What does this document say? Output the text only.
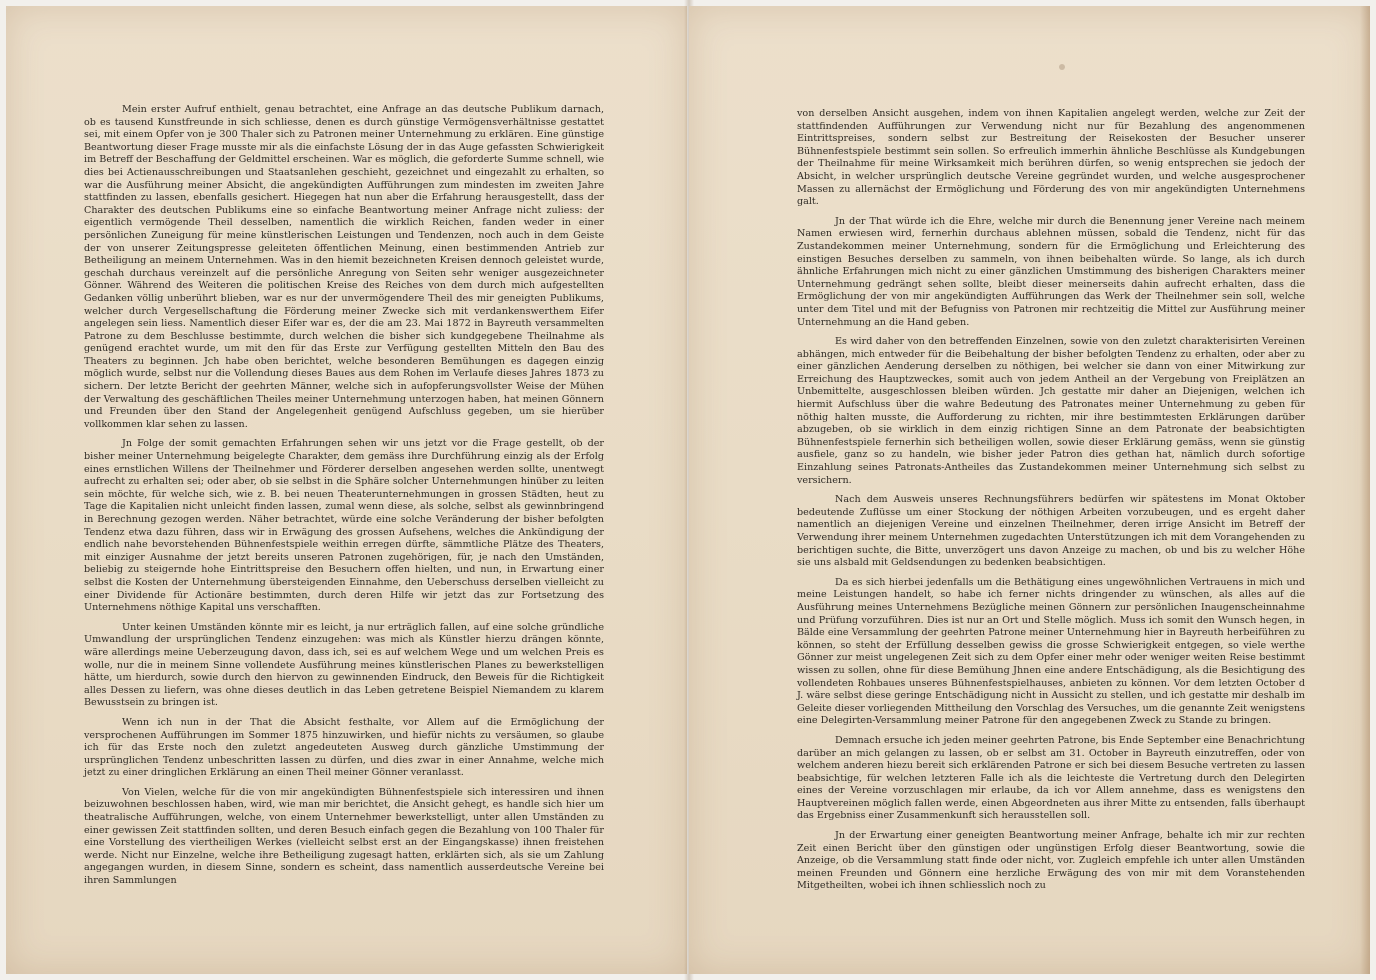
Mein erster Aufruf enthielt, genau betrachtet, eine Anfrage an das deutsche Publikum darnach, ob es tausend Kunstfreunde in sich schliesse, denen es durch günstige Vermögensverhältnisse gestattet sei, mit einem Opfer von je 300 Thaler sich zu Patronen meiner Unternehmung zu erklären. Eine günstige Beantwortung dieser Frage musste mir als die einfachste Lösung der in das Auge gefassten Schwierigkeit im Betreff der Beschaffung der Geldmittel erscheinen. War es möglich, die geforderte Summe schnell, wie dies bei Actienausschreibungen und Staatsanlehen geschieht, gezeichnet und eingezahlt zu erhalten, so war die Ausführung meiner Absicht, die angekündigten Aufführungen zum mindesten im zweiten Jahre stattfinden zu lassen, ebenfalls gesichert. Hiegegen hat nun aber die Erfahrung herausgestellt, dass der Charakter des deutschen Publikums eine so einfache Beantwortung meiner Anfrage nicht zuliess: der eigentlich vermögende Theil desselben, namentlich die wirklich Reichen, fanden weder in einer persönlichen Zuneigung für meine künstlerischen Leistungen und Tendenzen, noch auch in dem Geiste der von unserer Zeitungspresse geleiteten öffentlichen Meinung, einen bestimmenden Antrieb zur Betheiligung an meinem Unternehmen. Was in den hiemit bezeichneten Kreisen dennoch geleistet wurde, geschah durchaus vereinzelt auf die persönliche Anregung von Seiten sehr weniger ausgezeichneter Gönner. Während des Weiteren die politischen Kreise des Reiches von dem durch mich aufgestellten Gedanken völlig unberührt blieben, war es nur der unvermögendere Theil des mir geneigten Publikums, welcher durch Vergesellschaftung die Förderung meiner Zwecke sich mit verdankenswerthem Eifer angelegen sein liess. Namentlich dieser Eifer war es, der die am 23. Mai 1872 in Bayreuth versammelten Patrone zu dem Beschlusse bestimmte, durch welchen die bisher sich kundgegebene Theilnahme als genügend erachtet wurde, um mit den für das Erste zur Verfügung gestellten Mitteln den Bau des Theaters zu beginnen. Jch habe oben berichtet, welche besonderen Bemühungen es dagegen einzig möglich wurde, selbst nur die Vollendung dieses Baues aus dem Rohen im Verlaufe dieses Jahres 1873 zu sichern. Der letzte Bericht der geehrten Männer, welche sich in aufopferungsvollster Weise der Mühen der Verwaltung des geschäftlichen Theiles meiner Unternehmung unterzogen haben, hat meinen Gönnern und Freunden über den Stand der Angelegenheit genügend Aufschluss gegeben, um sie hierüber vollkommen klar sehen zu lassen.

Jn Folge der somit gemachten Erfahrungen sehen wir uns jetzt vor die Frage gestellt, ob der bisher meiner Unternehmung beigelegte Charakter, dem gemäss ihre Durchführung einzig als der Erfolg eines ernstlichen Willens der Theilnehmer und Förderer derselben angesehen werden sollte, unentwegt aufrecht zu erhalten sei; oder aber, ob sie selbst in die Sphäre solcher Unternehmungen hinüber zu leiten sein möchte, für welche sich, wie z. B. bei neuen Theaterunternehmungen in grossen Städten, heut zu Tage die Kapitalien nicht unleicht finden lassen, zumal wenn diese, als solche, selbst als gewinnbringend in Berechnung gezogen werden. Näher betrachtet, würde eine solche Veränderung der bisher befolgten Tendenz etwa dazu führen, dass wir in Erwägung des grossen Aufsehens, welches die Ankündigung der endlich nahe bevorstehenden Bühnenfestspiele weithin erregen dürfte, sämmtliche Plätze des Theaters, mit einziger Ausnahme der jetzt bereits unseren Patronen zugehörigen, für, je nach den Umständen, beliebig zu steigernde hohe Eintrittspreise den Besuchern offen hielten, und nun, in Erwartung einer selbst die Kosten der Unternehmung übersteigenden Einnahme, den Ueberschuss derselben vielleicht zu einer Dividende für Actionäre bestimmten, durch deren Hilfe wir jetzt das zur Fortsetzung des Unternehmens nöthige Kapital uns verschafften.

Unter keinen Umständen könnte mir es leicht, ja nur erträglich fallen, auf eine solche gründliche Umwandlung der ursprünglichen Tendenz einzugehen: was mich als Künstler hierzu drängen könnte, wäre allerdings meine Ueberzeugung davon, dass ich, sei es auf welchem Wege und um welchen Preis es wolle, nur die in meinem Sinne vollendete Ausführung meines künstlerischen Planes zu bewerkstelligen hätte, um hierdurch, sowie durch den hiervon zu gewinnenden Eindruck, den Beweis für die Richtigkeit alles Dessen zu liefern, was ohne dieses deutlich in das Leben getretene Beispiel Niemandem zu klarem Bewusstsein zu bringen ist.

Wenn ich nun in der That die Absicht festhalte, vor Allem auf die Ermöglichung der versprochenen Aufführungen im Sommer 1875 hinzuwirken, und hiefür nichts zu versäumen, so glaube ich für das Erste noch den zuletzt angedeuteten Ausweg durch gänzliche Umstimmung der ursprünglichen Tendenz unbeschritten lassen zu dürfen, und dies zwar in einer Annahme, welche mich jetzt zu einer dringlichen Erklärung an einen Theil meiner Gönner veranlasst.

Von Vielen, welche für die von mir angekündigten Bühnenfestspiele sich interessiren und ihnen beizuwohnen beschlossen haben, wird, wie man mir berichtet, die Ansicht gehegt, es handle sich hier um theatralische Aufführungen, welche, von einem Unternehmer bewerkstelligt, unter allen Umständen zu einer gewissen Zeit stattfinden sollten, und deren Besuch einfach gegen die Bezahlung von 100 Thaler für eine Vorstellung des viertheiligen Werkes (vielleicht selbst erst an der Eingangskasse) ihnen freistehen werde. Nicht nur Einzelne, welche ihre Betheiligung zugesagt hatten, erklärten sich, als sie um Zahlung angegangen wurden, in diesem Sinne, sondern es scheint, dass namentlich ausserdeutsche Vereine bei ihren Sammlungen

von derselben Ansicht ausgehen, indem von ihnen Kapitalien angelegt werden, welche zur Zeit der stattfindenden Aufführungen zur Verwendung nicht nur für Bezahlung des angenommenen Eintrittspreises, sondern selbst zur Bestreitung der Reisekosten der Besucher unserer Bühnenfestspiele bestimmt sein sollen. So erfreulich immerhin ähnliche Beschlüsse als Kundgebungen der Theilnahme für meine Wirksamkeit mich berühren dürfen, so wenig entsprechen sie jedoch der Absicht, in welcher ursprünglich deutsche Vereine gegründet wurden, und welche ausgesprochener Massen zu allernächst der Ermöglichung und Förderung des von mir angekündigten Unternehmens galt.

Jn der That würde ich die Ehre, welche mir durch die Benennung jener Vereine nach meinem Namen erwiesen wird, fernerhin durchaus ablehnen müssen, sobald die Tendenz, nicht für das Zustandekommen meiner Unternehmung, sondern für die Ermöglichung und Erleichterung des einstigen Besuches derselben zu sammeln, von ihnen beibehalten würde. So lange, als ich durch ähnliche Erfahrungen mich nicht zu einer gänzlichen Umstimmung des bisherigen Charakters meiner Unternehmung gedrängt sehen sollte, bleibt dieser meinerseits dahin aufrecht erhalten, dass die Ermöglichung der von mir angekündigten Aufführungen das Werk der Theilnehmer sein soll, welche unter dem Titel und mit der Befugniss von Patronen mir rechtzeitig die Mittel zur Ausführung meiner Unternehmung an die Hand geben.

Es wird daher von den betreffenden Einzelnen, sowie von den zuletzt charakterisirten Vereinen abhängen, mich entweder für die Beibehaltung der bisher befolgten Tendenz zu erhalten, oder aber zu einer gänzlichen Aenderung derselben zu nöthigen, bei welcher sie dann von einer Mitwirkung zur Erreichung des Hauptzweckes, somit auch von jedem Antheil an der Vergebung von Freiplätzen an Unbemittelte, ausgeschlossen bleiben würden. Jch gestatte mir daher an Diejenigen, welchen ich hiermit Aufschluss über die wahre Bedeutung des Patronates meiner Unternehmung zu geben für nöthig halten musste, die Aufforderung zu richten, mir ihre bestimmtesten Erklärungen darüber abzugeben, ob sie wirklich in dem einzig richtigen Sinne an dem Patronate der beabsichtigten Bühnenfestspiele fernerhin sich betheiligen wollen, sowie dieser Erklärung gemäss, wenn sie günstig ausfiele, ganz so zu handeln, wie bisher jeder Patron dies gethan hat, nämlich durch sofortige Einzahlung seines Patronats-Antheiles das Zustandekommen meiner Unternehmung sich selbst zu versichern.

Nach dem Ausweis unseres Rechnungsführers bedürfen wir spätestens im Monat Oktober bedeutende Zuflüsse um einer Stockung der nöthigen Arbeiten vorzubeugen, und es ergeht daher namentlich an diejenigen Vereine und einzelnen Theilnehmer, deren irrige Ansicht im Betreff der Verwendung ihrer meinem Unternehmen zugedachten Unterstützungen ich mit dem Vorangehenden zu berichtigen suchte, die Bitte, unverzögert uns davon Anzeige zu machen, ob und bis zu welcher Höhe sie uns alsbald mit Geldsendungen zu bedenken beabsichtigen.

Da es sich hierbei jedenfalls um die Bethätigung eines ungewöhnlichen Vertrauens in mich und meine Leistungen handelt, so habe ich ferner nichts dringender zu wünschen, als alles auf die Ausführung meines Unternehmens Bezügliche meinen Gönnern zur persönlichen Inaugenscheinnahme und Prüfung vorzuführen. Dies ist nur an Ort und Stelle möglich. Muss ich somit den Wunsch hegen, in Bälde eine Versammlung der geehrten Patrone meiner Unternehmung hier in Bayreuth herbeiführen zu können, so steht der Erfüllung desselben gewiss die grosse Schwierigkeit entgegen, so viele werthe Gönner zur meist ungelegenen Zeit sich zu dem Opfer einer mehr oder weniger weiten Reise bestimmt wissen zu sollen, ohne für diese Bemühung Jhnen eine andere Entschädigung, als die Besichtigung des vollendeten Rohbaues unseres Bühnenfestspielhauses, anbieten zu können. Vor dem letzten October d J. wäre selbst diese geringe Entschädigung nicht in Aussicht zu stellen, und ich gestatte mir deshalb im Geleite dieser vorliegenden Mittheilung den Vorschlag des Versuches, um die genannte Zeit wenigstens eine Delegirten-Versammlung meiner Patrone für den angegebenen Zweck zu Stande zu bringen.

Demnach ersuche ich jeden meiner geehrten Patrone, bis Ende September eine Benachrichtung darüber an mich gelangen zu lassen, ob er selbst am 31. October in Bayreuth einzutreffen, oder von welchem anderen hiezu bereit sich erklärenden Patrone er sich bei diesem Besuche vertreten zu lassen beabsichtige, für welchen letzteren Falle ich als die leichteste die Vertretung durch den Delegirten eines der Vereine vorzuschlagen mir erlaube, da ich vor Allem annehme, dass es wenigstens den Hauptvereinen möglich fallen werde, einen Abgeordneten aus ihrer Mitte zu entsenden, falls überhaupt das Ergebniss einer Zusammenkunft sich herausstellen soll.

Jn der Erwartung einer geneigten Beantwortung meiner Anfrage, behalte ich mir zur rechten Zeit einen Bericht über den günstigen oder ungünstigen Erfolg dieser Beantwortung, sowie die Anzeige, ob die Versammlung statt finde oder nicht, vor. Zugleich empfehle ich unter allen Umständen meinen Freunden und Gönnern eine herzliche Erwägung des von mir mit dem Voranstehenden Mitgetheilten, wobei ich ihnen schliesslich noch zu
